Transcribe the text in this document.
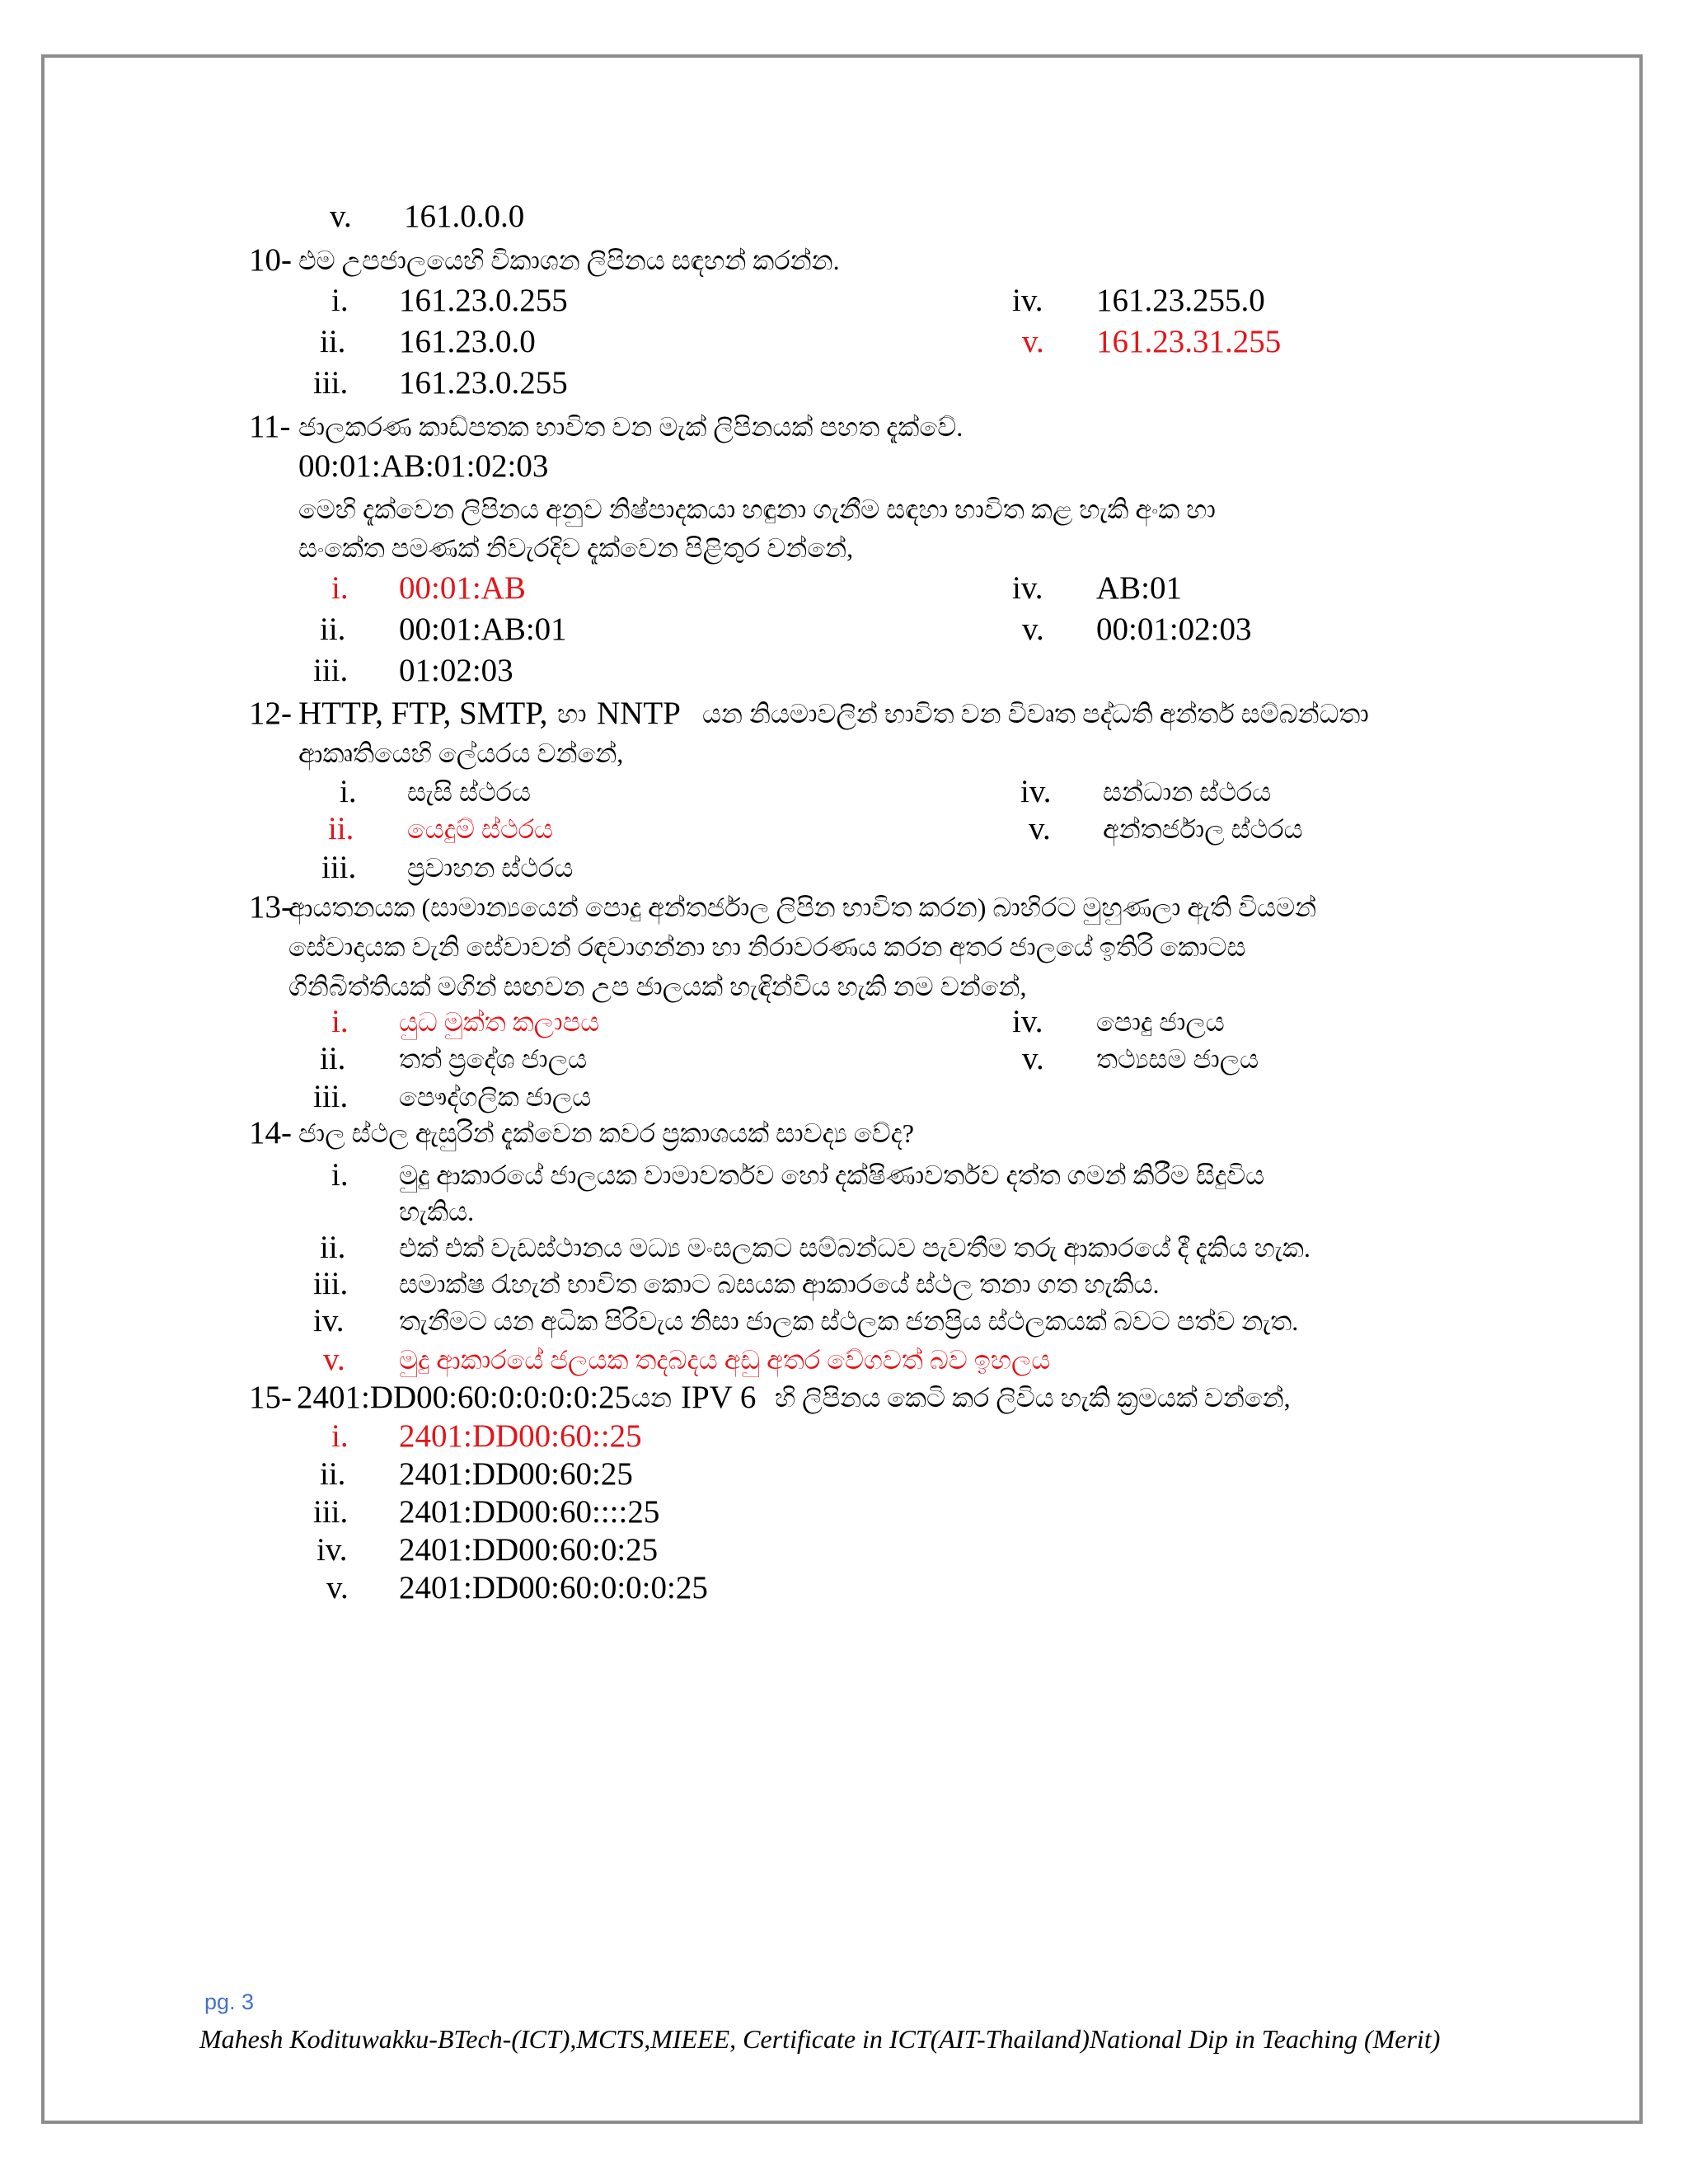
v. 161.0.0.0
10- එම උපජාලයෙහි විකාශන ලිපිනය සඳහන් කරන්න.
i. 161.23.0.255	iv. 161.23.255.0
ii. 161.23.0.0	v. 161.23.31.255
iii. 161.23.0.255
11- ජාලකරණ කාඩ්පතක භාවිත වන මැක් ලිපිනයක් පහත දැක්වේ.
00:01:AB:01:02:03
මෙහි දැක්වෙන ලිපිනය අනුව නිෂ්පාදකයා හඳුනා ගැනීම සඳහා භාවිත කළ හැකි අංක හා
සංකේත පමණක් නිවැරදිව දැක්වෙන පිළිතුර වන්නේ,
i. 00:01:AB	iv. AB:01
ii. 00:01:AB:01	v. 00:01:02:03
iii. 01:02:03
12- HTTP, FTP, SMTP, හා NNTP යන නියමාවලින් භාවිත වන විවෘත පද්ධති අන්තර් සම්බන්ධතා
ආකෘතියෙහි ලේයරය වන්නේ,
i. සැසි ස්ථරය	iv. සන්ධාන ස්ථරය
ii. යෙදුම් ස්ථරය	v. අන්තර්ජාල ස්ථරය
iii. ප්‍රවාහන ස්ථරය
13-
ආයතනයක (සාමාන්‍යයෙන් පොදු අන්තර්ජාල ලිපින භාවිත කරන) බාහිරට මුහුණලා ඇති වියමන්
සේවාදායක වැනි සේවාවන් රඳවාගන්නා හා නිරාවරණය කරන අතර ජාලයේ ඉතිරි කොටස
ගිනිබිත්තියක් මගින් සඟවන උප ජාලයක් හැඳින්විය හැකි නම වන්නේ,
i. යුධ මුක්ත කලාපය	iv. පොදු ජාලය
ii. තත් ප්‍රදේශ ජාලය	v. තථ්‍යසම ජාලය
iii. පෞද්ගලික ජාලය
14- ජාල ස්ථල ඇසුරින් දැක්වෙන කවර ප්‍රකාශයක් සාවද්‍ය වේද?
i. මුදු ආකාරයේ ජාලයක වාමාවර්තව හෝ දක්ෂිණාවර්තව දත්ත ගමන් කිරීම සිදුවිය
හැකිය.
ii. එක් එක් වැඩස්ථානය මධ්‍ය මංසලකට සම්බන්ධව පැවතීම තරු ආකාරයේ දී දැකිය හැක.
iii. සමාක්ෂ රැහැන් භාවිත කොට බසයක ආකාරයේ ස්ථල තනා ගත හැකිය.
iv. තැනීමට යන අධික පිරිවැය නිසා ජාලක ස්ථලක ජනප්‍රිය ස්ථලකයක් බවට පත්ව නැත.
v. මුදු ආකාරයේ ජලයක තදබදය අඩු අතර වේගවත් බව ඉහලය
15- 2401:DD00:60:0:0:0:0:25 යන IPV 6 හි ලිපිනය කෙටි කර ලිවිය හැකි ක්‍රමයක් වන්නේ,
i. 2401:DD00:60::25
ii. 2401:DD00:60:25
iii. 2401:DD00:60::::25
iv. 2401:DD00:60:0:25
v. 2401:DD00:60:0:0:0:25
pg. 3
Mahesh Kodituwakku-BTech-(ICT),MCTS,MIEEE, Certificate in ICT(AIT-Thailand)National Dip in Teaching (Merit)
